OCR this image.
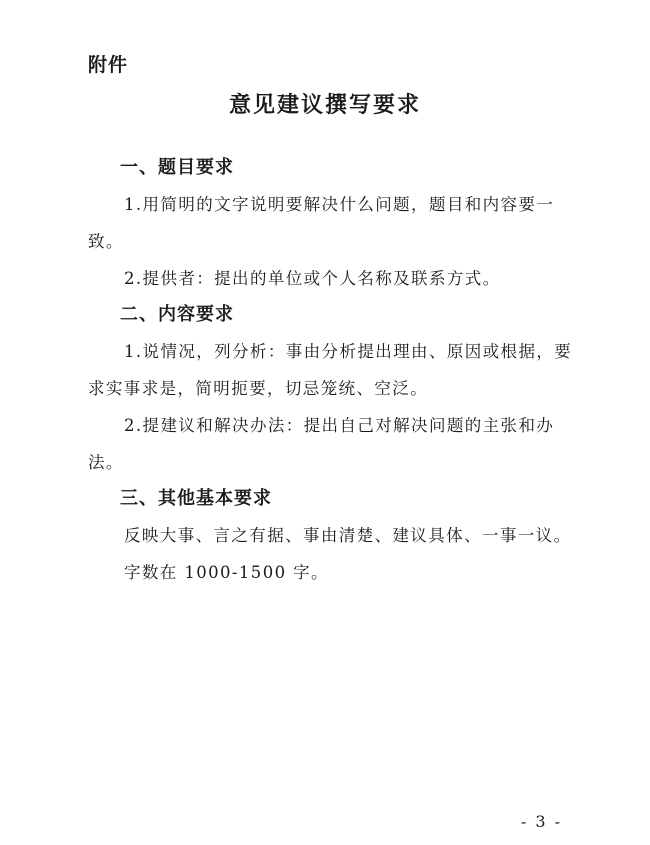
附件
意见建议撰写要求
一、题目要求
1.用简明的文字说明要解决什么问题，题目和内容要一致。
2.提供者：提出的单位或个人名称及联系方式。
二、内容要求
1.说情况，列分析：事由分析提出理由、原因或根据，要求实事求是，简明扼要，切忌笼统、空泛。
2.提建议和解决办法：提出自己对解决问题的主张和办法。
三、其他基本要求
反映大事、言之有据、事由清楚、建议具体、一事一议。
字数在 1000-1500 字。
- 3 -
